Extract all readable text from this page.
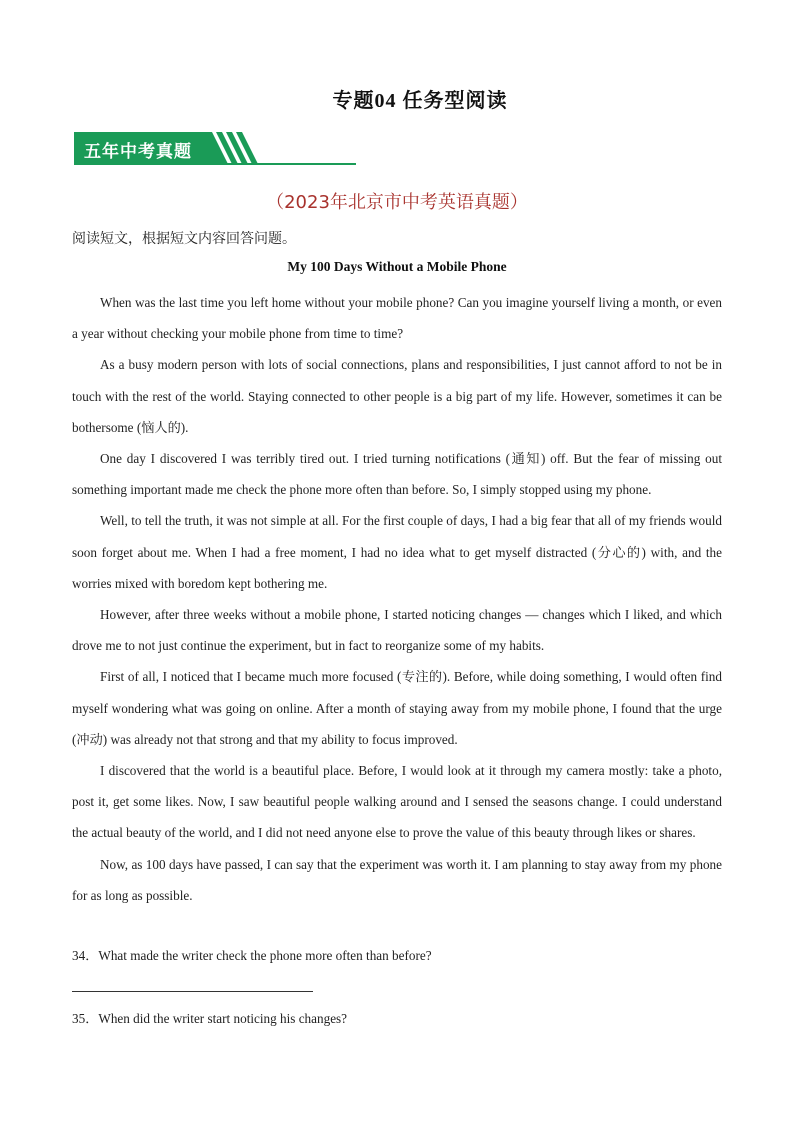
专题04 任务型阅读
五年中考真题
（2023年北京市中考英语真题）
阅读短文，根据短文内容回答问题。
My 100 Days Without a Mobile Phone

When was the last time you left home without your mobile phone? Can you imagine yourself living a month, or even a year without checking your mobile phone from time to time?

As a busy modern person with lots of social connections, plans and responsibilities, I just cannot afford to not be in touch with the rest of the world. Staying connected to other people is a big part of my life. However, sometimes it can be bothersome (恼人的).

One day I discovered I was terribly tired out. I tried turning notifications (通知) off. But the fear of missing out something important made me check the phone more often than before. So, I simply stopped using my phone.

Well, to tell the truth, it was not simple at all. For the first couple of days, I had a big fear that all of my friends would soon forget about me. When I had a free moment, I had no idea what to get myself distracted (分心的) with, and the worries mixed with boredom kept bothering me.

However, after three weeks without a mobile phone, I started noticing changes — changes which I liked, and which drove me to not just continue the experiment, but in fact to reorganize some of my habits.

First of all, I noticed that I became much more focused (专注的). Before, while doing something, I would often find myself wondering what was going on online. After a month of staying away from my mobile phone, I found that the urge (冲动) was already not that strong and that my ability to focus improved.

I discovered that the world is a beautiful place. Before, I would look at it through my camera mostly: take a photo, post it, get some likes. Now, I saw beautiful people walking around and I sensed the seasons change. I could understand the actual beauty of the world, and I did not need anyone else to prove the value of this beauty through likes or shares.

Now, as 100 days have passed, I can say that the experiment was worth it. I am planning to stay away from my phone for as long as possible.

34．What made the writer check the phone more often than before?
35．When did the writer start noticing his changes?
